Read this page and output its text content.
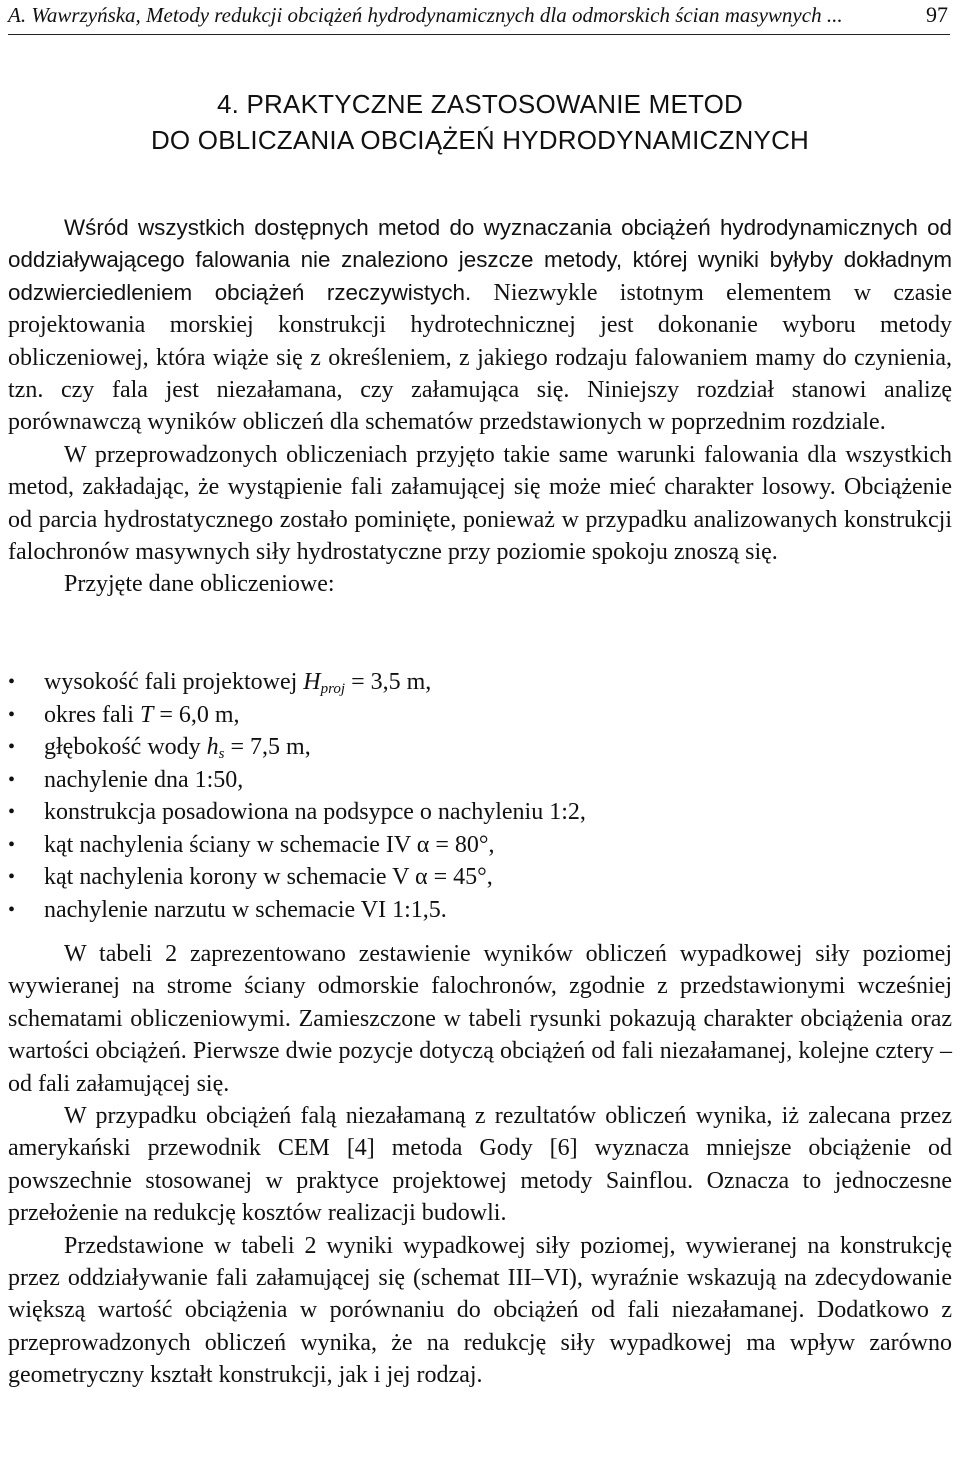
A. Wawrzyńska, Metody redukcji obciążeń hydrodynamicznych dla odmorskich ścian masywnych ...	97
4. PRAKTYCZNE ZASTOSOWANIE METOD
DO OBLICZANIA OBCIĄŻEŃ HYDRODYNAMICZNYCH

Wśród wszystkich dostępnych metod do wyznaczania obciążeń hydrodynamicznych od oddziaływającego falowania nie znaleziono jeszcze metody, której wyniki byłyby dokładnym odzwierciedleniem obciążeń rzeczywistych. Niezwykle istotnym elementem w czasie projektowania morskiej konstrukcji hydrotechnicznej jest dokonanie wyboru metody obliczeniowej, która wiąże się z określeniem, z jakiego rodzaju falowaniem mamy do czynienia, tzn. czy fala jest niezałamana, czy załamująca się. Niniejszy rozdział stanowi analizę porównawczą wyników obliczeń dla schematów przedstawionych w poprzednim rozdziale.

W przeprowadzonych obliczeniach przyjęto takie same warunki falowania dla wszystkich metod, zakładając, że wystąpienie fali załamującej się może mieć charakter losowy. Obciążenie od parcia hydrostatycznego zostało pominięte, ponieważ w przypadku analizowanych konstrukcji falochronów masywnych siły hydrostatyczne przy poziomie spokoju znoszą się.

Przyjęte dane obliczeniowe:

• wysokość fali projektowej $H_{proj} = 3,5$ m,
• okres fali T = 6,0 m,
• głębokość wody $h_s = 7,5$ m,
• nachylenie dna 1:50,
• konstrukcja posadowiona na podsypce o nachyleniu 1:2,
• kąt nachylenia ściany w schemacie IV α = 80°,
• kąt nachylenia korony w schemacie V α = 45°,
• nachylenie narzutu w schemacie VI 1:1,5.

W tabeli 2 zaprezentowano zestawienie wyników obliczeń wypadkowej siły poziomej wywieranej na strome ściany odmorskie falochronów, zgodnie z przedstawionymi wcześniej schematami obliczeniowymi. Zamieszczone w tabeli rysunki pokazują charakter obciążenia oraz wartości obciążeń. Pierwsze dwie pozycje dotyczą obciążeń od fali niezałamanej, kolejne cztery – od fali załamującej się.

W przypadku obciążeń falą niezałamaną z rezultatów obliczeń wynika, iż zalecana przez amerykański przewodnik CEM [4] metoda Gody [6] wyznacza mniejsze obciążenie od powszechnie stosowanej w praktyce projektowej metody Sainflou. Oznacza to jednoczesne przełożenie na redukcję kosztów realizacji budowli.

Przedstawione w tabeli 2 wyniki wypadkowej siły poziomej, wywieranej na konstrukcję przez oddziaływanie fali załamującej się (schemat III–VI), wyraźnie wskazują na zdecydowanie większą wartość obciążenia w porównaniu do obciążeń od fali niezałamanej. Dodatkowo z przeprowadzonych obliczeń wynika, że na redukcję siły wypadkowej ma wpływ zarówno geometryczny kształt konstrukcji, jak i jej rodzaj.
